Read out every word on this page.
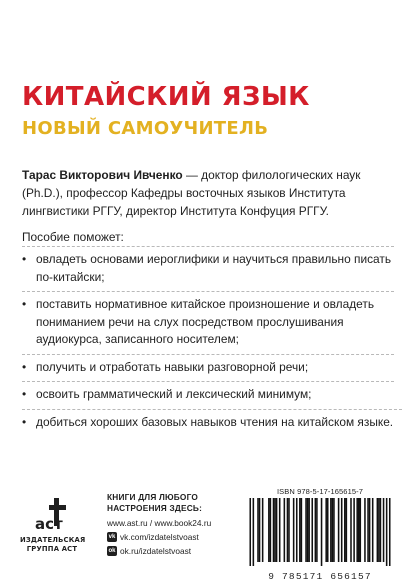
КИТАЙСКИЙ ЯЗЫК
НОВЫЙ САМОУЧИТЕЛЬ

Тарас Викторович Ивченко — доктор филологических наук (Ph.D.), профессор Кафедры восточных языков Института лингвистики РГГУ, директор Института Конфуция РГГУ.

Пособие поможет:

• овладеть основами иероглифики и научиться правильно писать по-китайски;
• поставить нормативное китайское произношение и овладеть пониманием речи на слух посредством прослушивания аудиокурса, записанного носителем;
• получить и отработать навыки разговорной речи;
• освоить грамматический и лексический минимум;
• добиться хороших базовых навыков чтения на китайском языке.
аст
ИЗДАТЕЛЬСКАЯ
ГРУППА АСТ
КНИГИ ДЛЯ ЛЮБОГО
НАСТРОЕНИЯ ЗДЕСЬ:
www.ast.ru / www.book24.ru
vk vk.com/izdatelstvoast
ok ok.ru/izdatelstvoast
ISBN 978-5-17-165615-7
9 785171 656157
